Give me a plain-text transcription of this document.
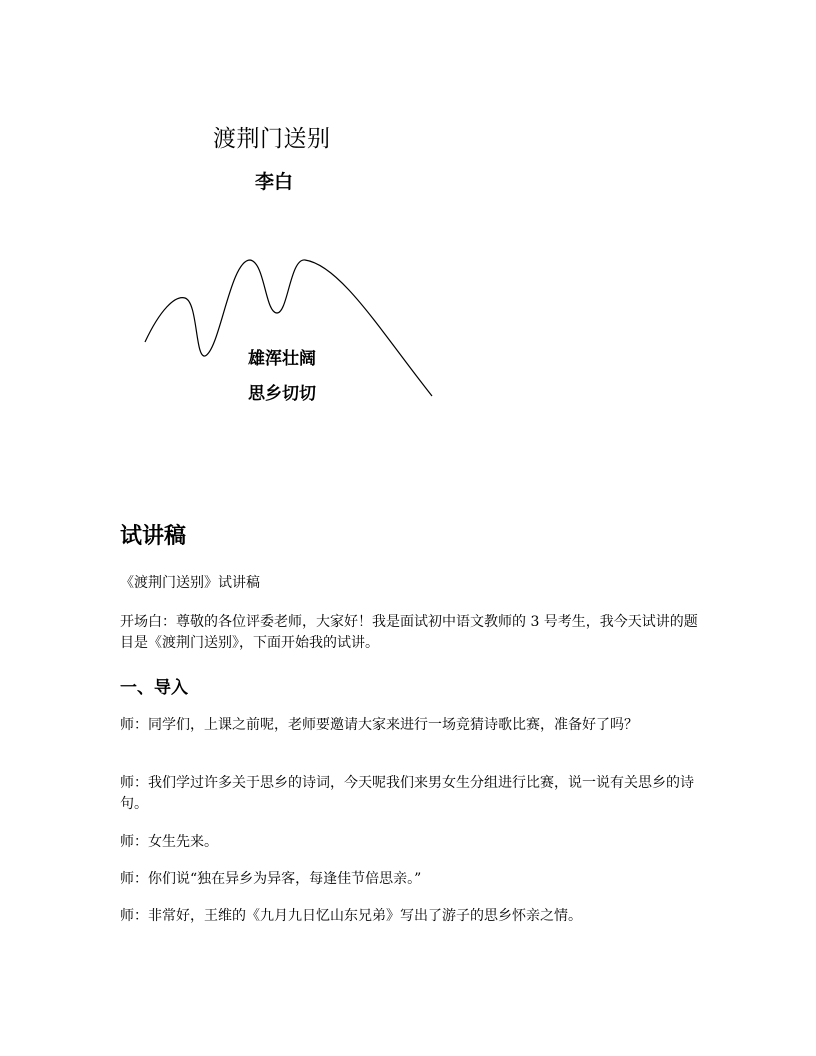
渡荆门送别
李白
雄浑壮阔
思乡切切
试讲稿
《渡荆门送别》试讲稿
开场白：尊敬的各位评委老师，大家好！我是面试初中语文教师的 3 号考生，我今天试讲的题目是《渡荆门送别》，下面开始我的试讲。
一、导入
师：同学们，上课之前呢，老师要邀请大家来进行一场竞猜诗歌比赛，准备好了吗？
师：我们学过许多关于思乡的诗词，今天呢我们来男女生分组进行比赛，说一说有关思乡的诗句。
师：女生先来。
师：你们说“独在异乡为异客，每逢佳节倍思亲。”
师：非常好，王维的《九月九日忆山东兄弟》写出了游子的思乡怀亲之情。
